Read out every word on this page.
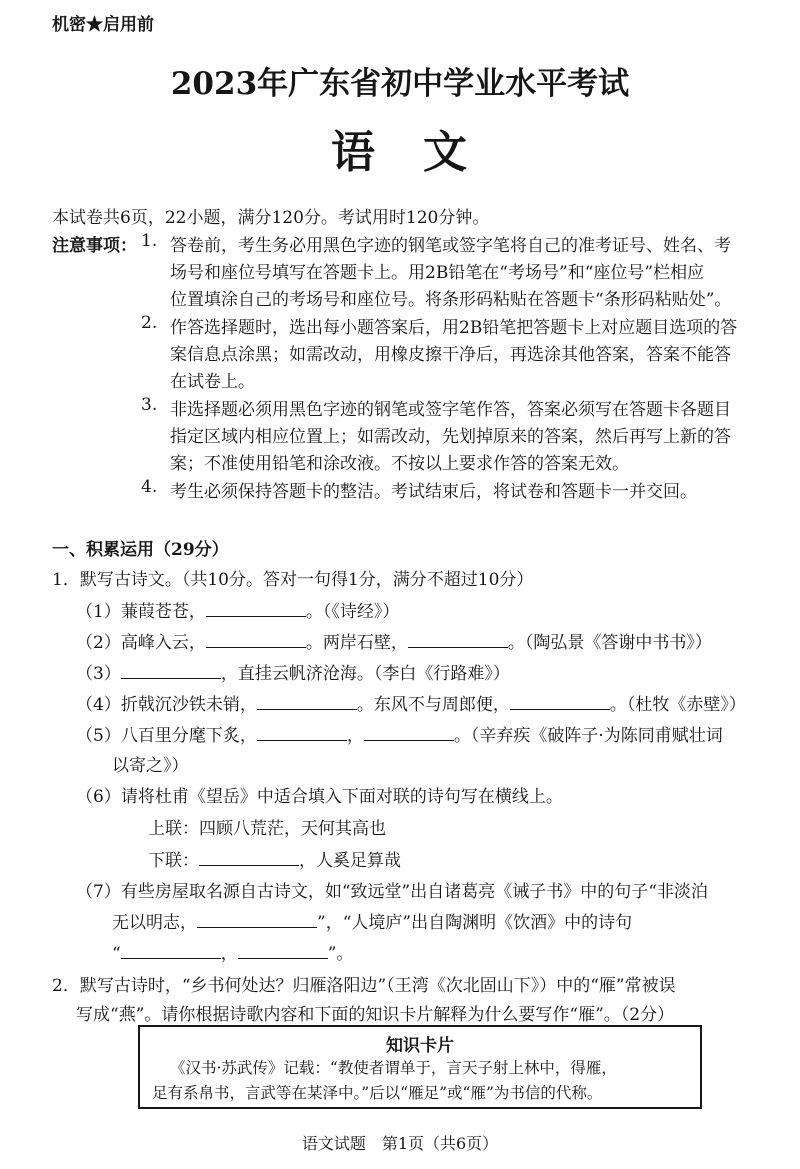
机密★启用前
2023年广东省初中学业水平考试
语　文
本试卷共6页，22小题，满分120分。考试用时120分钟。
注意事项： 1. 答卷前，考生务必用黑色字迹的钢笔或签字笔将自己的准考证号、姓名、考
场号和座位号填写在答题卡上。用2B铅笔在“考场号”和“座位号”栏相应
位置填涂自己的考场号和座位号。将条形码粘贴在答题卡“条形码粘贴处”。
2. 作答选择题时，选出每小题答案后，用2B铅笔把答题卡上对应题目选项的答
案信息点涂黑；如需改动，用橡皮擦干净后，再选涂其他答案，答案不能答
在试卷上。
3. 非选择题必须用黑色字迹的钢笔或签字笔作答，答案必须写在答题卡各题目
指定区域内相应位置上；如需改动，先划掉原来的答案，然后再写上新的答
案；不准使用铅笔和涂改液。不按以上要求作答的答案无效。
4. 考生必须保持答题卡的整洁。考试结束后，将试卷和答题卡一并交回。
一、积累运用（29分）
1．默写古诗文。（共10分。答对一句得1分，满分不超过10分）
（1）蒹葭苍苍，	。（《诗经》）
（2）高峰入云，	。两岸石壁，	。（陶弘景《答谢中书书》）
（3）	，直挂云帆济沧海。（李白《行路难》）
（4）折戟沉沙铁未销，	。东风不与周郎便，	。（杜牧《赤壁》）
（5）八百里分麾下炙，	，	。（辛弃疾《破阵子·为陈同甫赋壮词
以寄之》）
（6）请将杜甫《望岳》中适合填入下面对联的诗句写在横线上。
上联：四顾八荒茫，天何其高也
下联：	，人奚足算哉
（7）有些房屋取名源自古诗文，如“致远堂”出自诸葛亮《诫子书》中的句子“非淡泊
无以明志，	”，“人境庐”出自陶渊明《饮酒》中的诗句
“	，	”。
2．默写古诗时，“乡书何处达？归雁洛阳边”（王湾《次北固山下》）中的“雁”常被误
写成“燕”。请你根据诗歌内容和下面的知识卡片解释为什么要写作“雁”。（2分）
知识卡片
《汉书·苏武传》记载：“教使者谓单于，言天子射上林中，得雁，
足有系帛书，言武等在某泽中。”后以“雁足”或“雁”为书信的代称。
语文试题　第1页（共6页）
